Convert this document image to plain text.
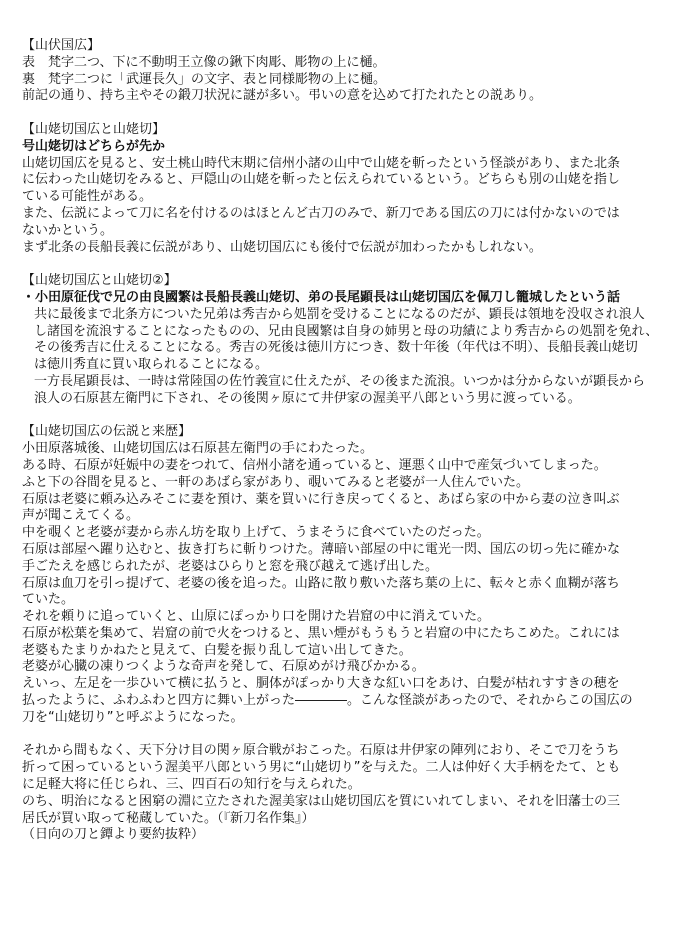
【山伏国広】
表　梵字二つ、下に不動明王立像の鍬下肉彫、彫物の上に樋。
裏　梵字二つに「武運長久」の文字、表と同様彫物の上に樋。
前記の通り、持ち主やその鍛刀状況に謎が多い。弔いの意を込めて打たれたとの説あり。
【山姥切国広と山姥切】
号山姥切はどちらが先か
山姥切国広を見ると、安土桃山時代末期に信州小諸の山中で山姥を斬ったという怪談があり、また北条
に伝わった山姥切をみると、戸隠山の山姥を斬ったと伝えられているという。どちらも別の山姥を指し
ている可能性がある。
また、伝説によって刀に名を付けるのはほとんど古刀のみで、新刀である国広の刀には付かないのでは
ないかという。
まず北条の長船長義に伝説があり、山姥切国広にも後付で伝説が加わったかもしれない。
【山姥切国広と山姥切②】
・小田原征伐で兄の由良國繁は長船長義山姥切、弟の長尾顕長は山姥切国広を佩刀し籠城したという話
共に最後まで北条方についた兄弟は秀吉から処罰を受けることになるのだが、顕長は領地を没収され浪人
し諸国を流浪することになったものの、兄由良國繁は自身の姉男と母の功績により秀吉からの処罰を免れ、
その後秀吉に仕えることになる。秀吉の死後は徳川方につき、数十年後（年代は不明）、長船長義山姥切
は徳川秀直に買い取られることになる。
一方長尾顕長は、一時は常陸国の佐竹義宣に仕えたが、その後また流浪。いつかは分からないが顕長から
浪人の石原甚左衛門に下され、その後関ヶ原にて井伊家の渥美平八郎という男に渡っている。
【山姥切国広の伝説と来歴】
小田原落城後、山姥切国広は石原甚左衛門の手にわたった。
ある時、石原が妊娠中の妻をつれて、信州小諸を通っていると、運悪く山中で産気づいてしまった。
ふと下の谷間を見ると、一軒のあばら家があり、覗いてみると老婆が一人住んでいた。
石原は老婆に頼み込みそこに妻を預け、薬を買いに行き戻ってくると、あばら家の中から妻の泣き叫ぶ
声が聞こえてくる。
中を覗くと老婆が妻から赤ん坊を取り上げて、うまそうに食べていたのだった。
石原は部屋へ躍り込むと、抜き打ちに斬りつけた。薄暗い部屋の中に電光一閃、国広の切っ先に確かな
手ごたえを感じられたが、老婆はひらりと窓を飛び越えて逃げ出した。
石原は血刀を引っ提げて、老婆の後を追った。山路に散り敷いた落ち葉の上に、転々と赤く血糊が落ち
ていた。
それを頼りに追っていくと、山原にぽっかり口を開けた岩窟の中に消えていた。
石原が松葉を集めて、岩窟の前で火をつけると、黒い煙がもうもうと岩窟の中にたちこめた。これには
老婆もたまりかねたと見えて、白髪を振り乱して這い出してきた。
老婆が心臓の凍りつくような奇声を発して、石原めがけ飛びかかる。
えいっ、左足を一歩ひいて横に払うと、胴体がぽっかり大きな紅い口をあけ、白髪が枯れすすきの穂を
払ったように、ふわふわと四方に舞い上がった――――。こんな怪談があったので、それからこの国広の
刀を“山姥切り”と呼ぶようになった。
それから間もなく、天下分け目の関ヶ原合戦がおこった。石原は井伊家の陣列におり、そこで刀をうち
折って困っているという渥美平八郎という男に“山姥切り”を与えた。二人は仲好く大手柄をたて、とも
に足軽大将に任じられ、三、四百石の知行を与えられた。
のち、明治になると困窮の淵に立たされた渥美家は山姥切国広を質にいれてしまい、それを旧藩士の三
居氏が買い取って秘蔵していた。（『新刀名作集』）
（日向の刀と鐔より要約抜粋）
